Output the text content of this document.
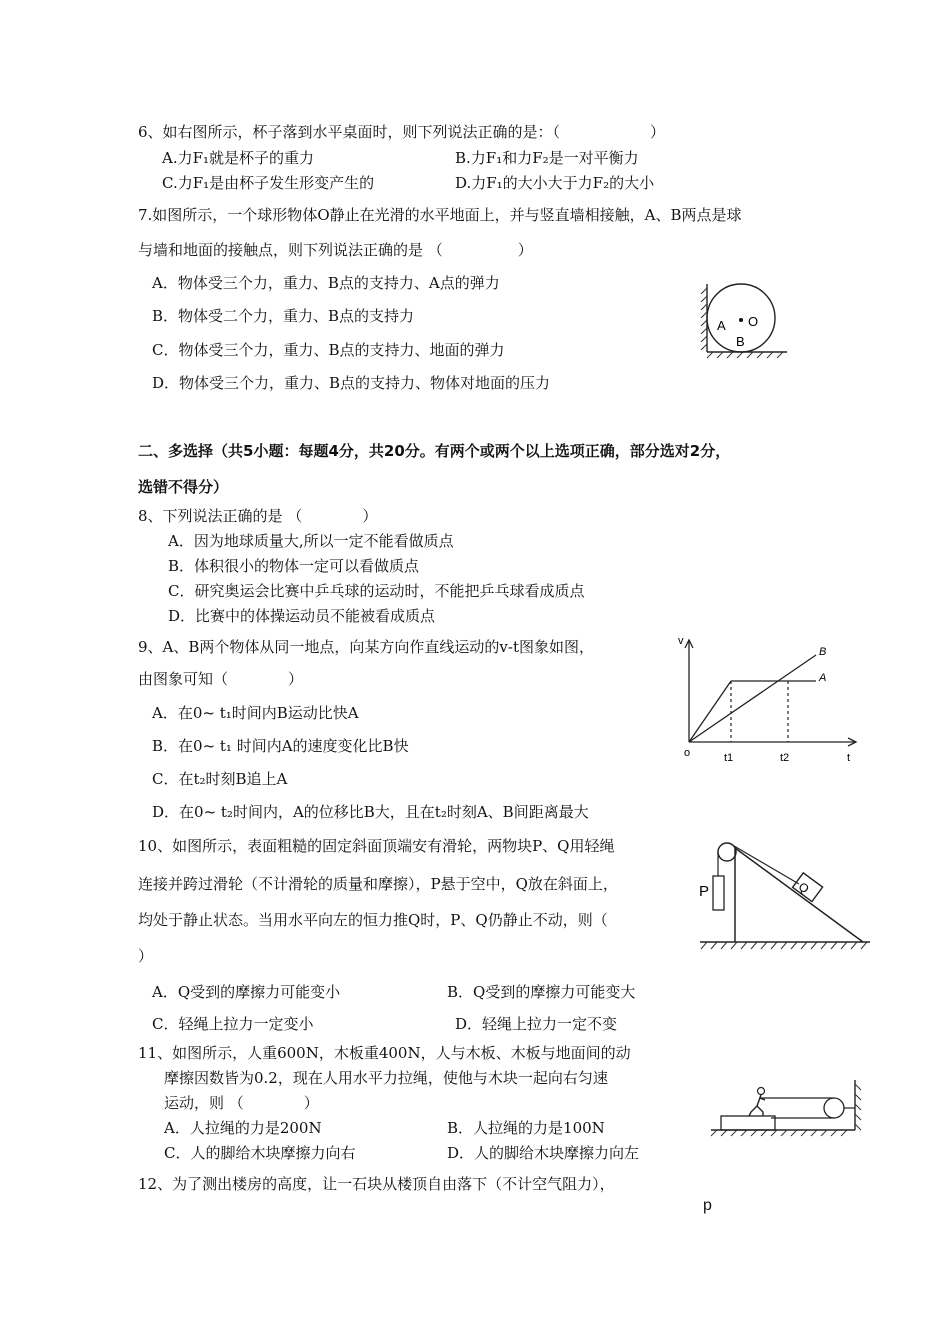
6、如右图所示，杯子落到水平桌面时，则下列说法正确的是：（　　　　　　）
A.力F₁就是杯子的重力	B.力F₁和力F₂是一对平衡力
C.力F₁是由杯子发生形变产生的	D.力F₁的大小大于力F₂的大小
7.如图所示，一个球形物体O静止在光滑的水平地面上，并与竖直墙相接触，A、B两点是球
与墙和地面的接触点，则下列说法正确的是 （　　　　　）
A．物体受三个力，重力、B点的支持力、A点的弹力
B．物体受二个力，重力、B点的支持力
C．物体受三个力，重力、B点的支持力、地面的弹力
D．物体受三个力，重力、B点的支持力、物体对地面的压力
A O
B
二、多选择（共5小题：每题4分，共20分。有两个或两个以上选项正确，部分选对2分，
选错不得分）
8、下列说法正确的是 （　　　　）
A．因为地球质量大,所以一定不能看做质点
B．体积很小的物体一定可以看做质点
C．研究奥运会比赛中乒乓球的运动时，不能把乒乓球看成质点
D．比赛中的体操运动员不能被看成质点
9、A、B两个物体从同一地点，向某方向作直线运动的v-t图象如图，
由图象可知（　　　　）
A．在0~ t₁时间内B运动比快A
B．在0~ t₁ 时间内A的速度变化比B快
C．在t₂时刻B追上A
D．在0~ t₂时间内，A的位移比B大，且在t₂时刻A、B间距离最大
v
o	t1	t2	t
B
A
10、如图所示，表面粗糙的固定斜面顶端安有滑轮，两物块P、Q用轻绳
连接并跨过滑轮（不计滑轮的质量和摩擦），P悬于空中，Q放在斜面上，
均处于静止状态。当用水平向左的恒力推Q时，P、Q仍静止不动，则（
）
A．Q受到的摩擦力可能变小	B．Q受到的摩擦力可能变大
C．轻绳上拉力一定变小	D．轻绳上拉力一定不变
P	Q
11、如图所示，人重600N，木板重400N，人与木板、木板与地面间的动
摩擦因数皆为0.2，现在人用水平力拉绳，使他与木块一起向右匀速
运动，则 （　　　　）
A．人拉绳的力是200N	B．人拉绳的力是100N
C．人的脚给木块摩擦力向右	D．人的脚给木块摩擦力向左
12、为了测出楼房的高度，让一石块从楼顶自由落下（不计空气阻力），
p
